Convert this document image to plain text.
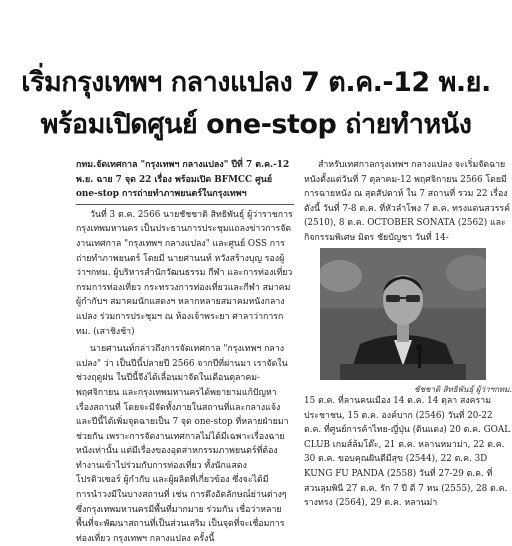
เริ่มกรุงเทพฯ กลางแปลง 7 ต.ค.-12 พ.ย.
พร้อมเปิดศูนย์ one-stop ถ่ายทำหนัง

กทม.จัดเทศกาล "กรุงเทพฯ กลางแปลง" ปีที่ 7 ต.ค.-12 พ.ย. ฉาย 7 จุด 22 เรื่อง พร้อมเปิด BFMCC ศูนย์ one-stop การถ่ายทำภาพยนตร์ในกรุงเทพฯ

วันที่ 3 ต.ค. 2566 นายชัชชาติ สิทธิพันธุ์ ผู้ว่าราชการกรุงเทพมหานคร เป็นประธานการประชุมแถลงข่าวการจัดงานเทศกาล "กรุงเทพฯ กลางแปลง" และศูนย์ OSS การถ่ายทำภาพยนตร์ โดยมี นายศานนท์ หวังสร้างบุญ รองผู้ว่าฯกทม. ผู้บริหารสำนักวัฒนธรรม กีฬา และการท่องเที่ยว กรมการท่องเที่ยว กระทรวงการท่องเที่ยวและกีฬา สมาคมผู้กำกับฯ สมาคมนักแสดงฯ หลากหลายสมาคมหนังกลางแปลง ร่วมการประชุมฯ ณ ห้องเจ้าพระยา ศาลาว่าการกทม. (เสาชิงช้า)

นายศานนท์กล่าวถึงการจัดเทศกาล "กรุงเทพฯ กลางแปลง" ว่า เป็นปีนี้ปลายปี 2566 จากปีที่ผ่านมา เราจัดในช่วงฤดูฝน ในปีนี้จึงได้เลื่อนมาจัดในเดือนตุลาคม-พฤศจิกายน และกรุงเทพมหานครได้พยายามแก้ปัญหาเรื่องสถานที่ โดยจะมีจัดทั้งภายในสถานที่และกลางแจ้ง และปีนี้ได้เพิ่มจุดฉายเป็น 7 จุด one-stop ที่หลายฝ่ายมาช่วยกัน เพราะการจัดงานเทศกาลไม่ได้มีเฉพาะเรื่องฉายหนังเท่านั้น แต่มีเรื่องของอุตสาหกรรมภาพยนตร์ที่ต้องทำงานเข้าไปร่วมกับการท่องเที่ยว ทั้งนักแสดง โปรดิวเซอร์ ผู้กำกับ และผู้ผลิตที่เกี่ยวข้อง ซึ่งจะได้มีการนำวงมีในบางสถานที่ เช่น การดึงอัตลักษณ์ย่านต่างๆ ซึ่งกรุงเทพมหานครมีพื้นที่มากมาย ร่วมกัน เชื่อว่าหลายพื้นที่จะพัฒนาสถานที่เป็นส่วนเสริม เป็นจุดที่จะเชื่อมการท่องเที่ยว กรุงเทพฯ กลางแปลง ครั้งนี้

สำหรับเทศกาลกรุงเทพฯ กลางแปลง จะเริ่มจัดฉายหนังตั้งแต่วันที่ 7 ตุลาคม-12 พฤศจิกายน 2566 โดยมีการฉายหนัง ณ สุดสัปดาห์ ใน 7 สถานที่ รวม 22 เรื่อง ดังนี้ วันที่ 7-8 ต.ค. ที่หัวลำโพง 7 ต.ค. ทรงแดนสวรรค์ (2510), 8 ต.ค. OCTOBER SONATA (2562) และกิจกรรมพิเศษ มิตร ชัยบัญชา วันที่ 14-

ชัชชาติ สิทธิพันธุ์ ผู้ว่าฯกทม.

15 ต.ค. ที่ลานคนเมือง 14 ต.ค. 14 ตุลา สงครามประชาชน, 15 ต.ค. องค์บาก (2546) วันที่ 20-22 ต.ค. ที่ศูนย์การค้าไทย-ญี่ปุ่น (ดินแดง) 20 ต.ค. GOAL CLUB เกมส์ล้มโต๊ะ, 21 ต.ค. หลานหมาม่า, 22 ต.ค. 30 ต.ค. ขอบคุณฝันดีมีสุข (2544), 22 ต.ค. 3D KUNG FU PANDA (2558) วันที่ 27-29 ต.ค. ที่สวนลุมพินี 27 ต.ค. รัก 7 ปี ดี 7 หน (2555), 28 ต.ค. รางทรง (2564), 29 ต.ค. หลานม่า
